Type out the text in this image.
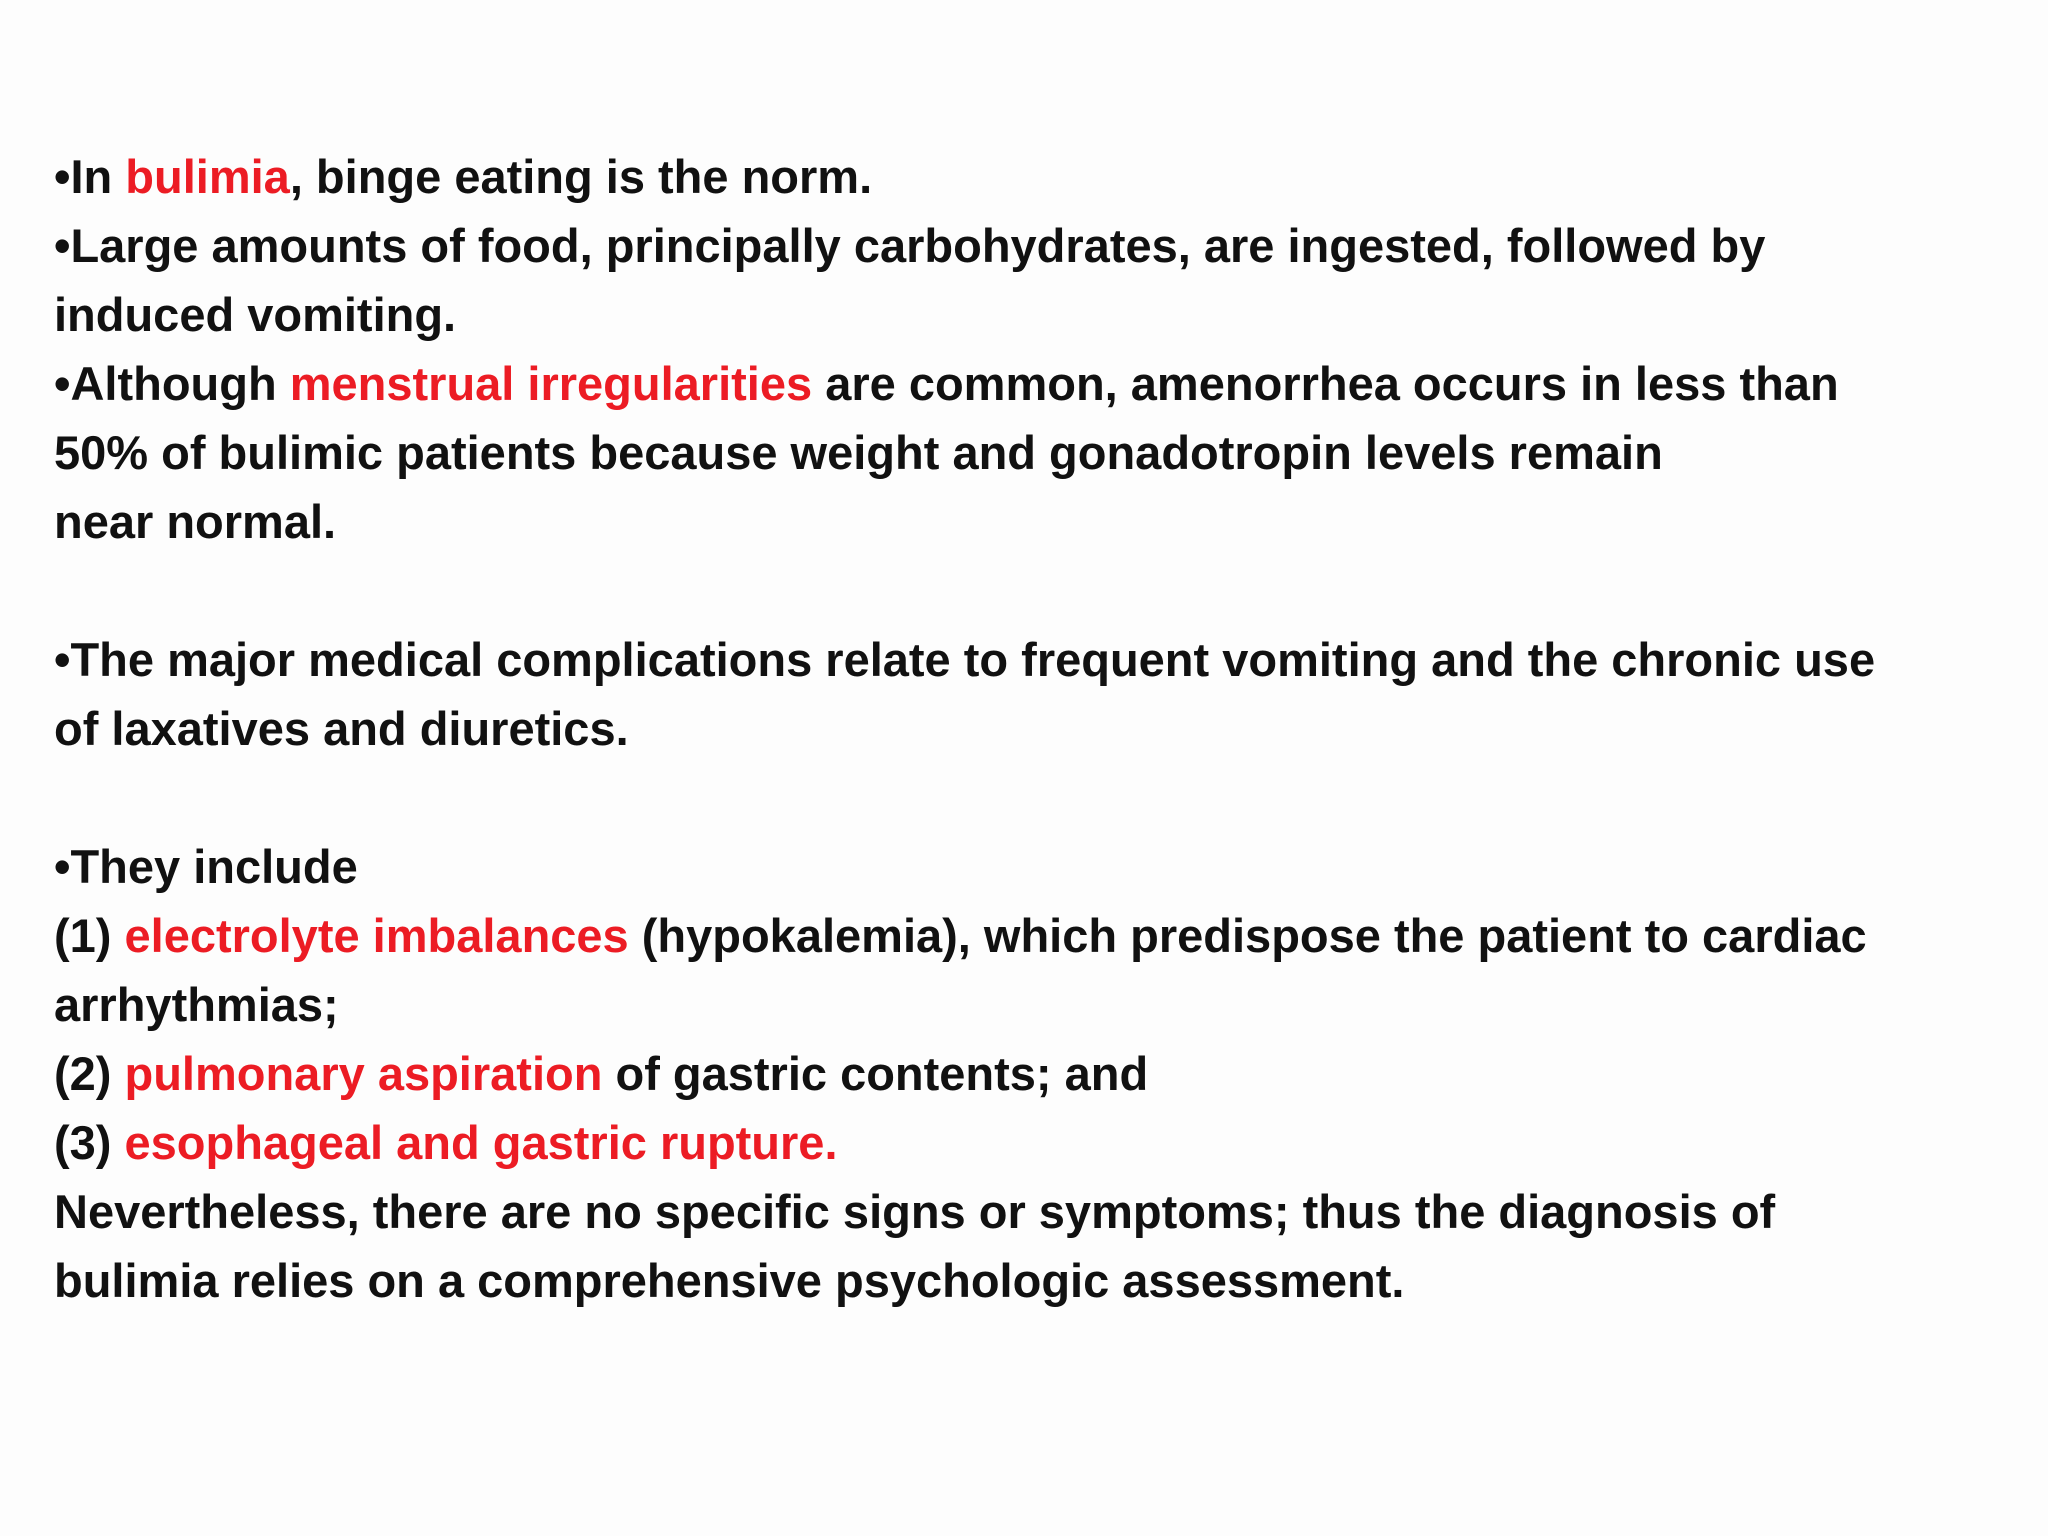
•In bulimia, binge eating is the norm.
•Large amounts of food, principally carbohydrates, are ingested, followed by
induced vomiting.
•Although menstrual irregularities are common, amenorrhea occurs in less than
50% of bulimic patients because weight and gonadotropin levels remain
near normal.
•The major medical complications relate to frequent vomiting and the chronic use
of laxatives and diuretics.
•They include
(1) electrolyte imbalances (hypokalemia), which predispose the patient to cardiac
arrhythmias;
(2) pulmonary aspiration of gastric contents; and
(3) esophageal and gastric rupture.
Nevertheless, there are no specific signs or symptoms; thus the diagnosis of
bulimia relies on a comprehensive psychologic assessment.
